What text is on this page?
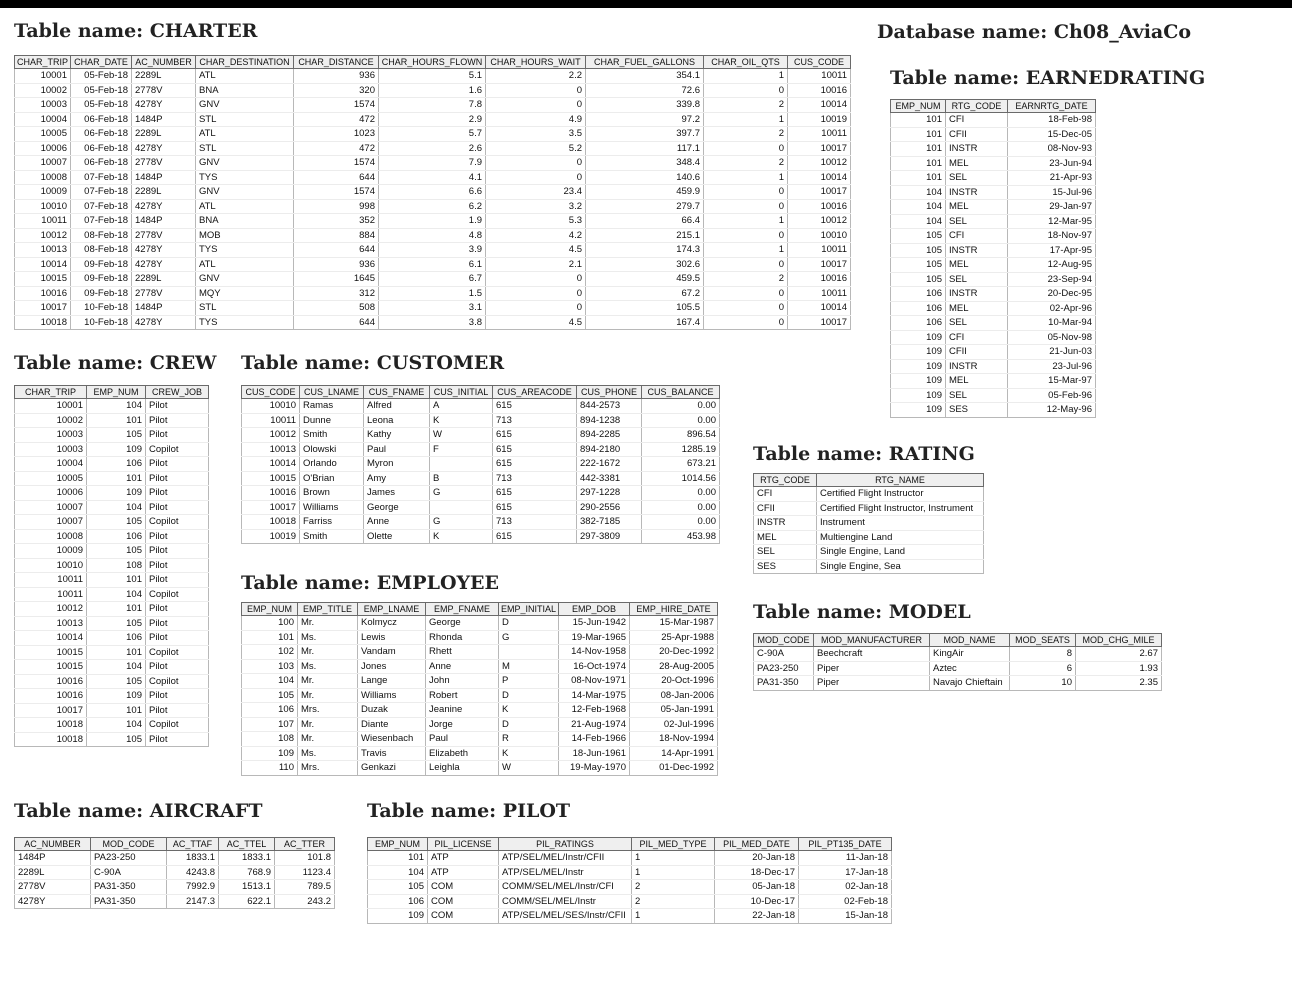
Database name: Ch08_AviaCo
Table name: CHARTER
CHAR_TRIP	CHAR_DATE	AC_NUMBER	CHAR_DESTINATION	CHAR_DISTANCE	CHAR_HOURS_FLOWN	CHAR_HOURS_WAIT	CHAR_FUEL_GALLONS	CHAR_OIL_QTS	CUS_CODE
10001	05-Feb-18	2289L	ATL	936	5.1	2.2	354.1	1	10011
10002	05-Feb-18	2778V	BNA	320	1.6	0	72.6	0	10016
10003	05-Feb-18	4278Y	GNV	1574	7.8	0	339.8	2	10014
10004	06-Feb-18	1484P	STL	472	2.9	4.9	97.2	1	10019
10005	06-Feb-18	2289L	ATL	1023	5.7	3.5	397.7	2	10011
10006	06-Feb-18	4278Y	STL	472	2.6	5.2	117.1	0	10017
10007	06-Feb-18	2778V	GNV	1574	7.9	0	348.4	2	10012
10008	07-Feb-18	1484P	TYS	644	4.1	0	140.6	1	10014
10009	07-Feb-18	2289L	GNV	1574	6.6	23.4	459.9	0	10017
10010	07-Feb-18	4278Y	ATL	998	6.2	3.2	279.7	0	10016
10011	07-Feb-18	1484P	BNA	352	1.9	5.3	66.4	1	10012
10012	08-Feb-18	2778V	MOB	884	4.8	4.2	215.1	0	10010
10013	08-Feb-18	4278Y	TYS	644	3.9	4.5	174.3	1	10011
10014	09-Feb-18	4278Y	ATL	936	6.1	2.1	302.6	0	10017
10015	09-Feb-18	2289L	GNV	1645	6.7	0	459.5	2	10016
10016	09-Feb-18	2778V	MQY	312	1.5	0	67.2	0	10011
10017	10-Feb-18	1484P	STL	508	3.1	0	105.5	0	10014
10018	10-Feb-18	4278Y	TYS	644	3.8	4.5	167.4	0	10017
Table name: EARNEDRATING
EMP_NUM	RTG_CODE	EARNRTG_DATE
101	CFI	18-Feb-98
101	CFII	15-Dec-05
101	INSTR	08-Nov-93
101	MEL	23-Jun-94
101	SEL	21-Apr-93
104	INSTR	15-Jul-96
104	MEL	29-Jan-97
104	SEL	12-Mar-95
105	CFI	18-Nov-97
105	INSTR	17-Apr-95
105	MEL	12-Aug-95
105	SEL	23-Sep-94
106	INSTR	20-Dec-95
106	MEL	02-Apr-96
106	SEL	10-Mar-94
109	CFI	05-Nov-98
109	CFII	21-Jun-03
109	INSTR	23-Jul-96
109	MEL	15-Mar-97
109	SEL	05-Feb-96
109	SES	12-May-96
Table name: CREW
CHAR_TRIP	EMP_NUM	CREW_JOB
10001	104	Pilot
10002	101	Pilot
10003	105	Pilot
10003	109	Copilot
10004	106	Pilot
10005	101	Pilot
10006	109	Pilot
10007	104	Pilot
10007	105	Copilot
10008	106	Pilot
10009	105	Pilot
10010	108	Pilot
10011	101	Pilot
10011	104	Copilot
10012	101	Pilot
10013	105	Pilot
10014	106	Pilot
10015	101	Copilot
10015	104	Pilot
10016	105	Copilot
10016	109	Pilot
10017	101	Pilot
10018	104	Copilot
10018	105	Pilot
Table name: CUSTOMER
CUS_CODE	CUS_LNAME	CUS_FNAME	CUS_INITIAL	CUS_AREACODE	CUS_PHONE	CUS_BALANCE
10010	Ramas	Alfred	A	615	844-2573	0.00
10011	Dunne	Leona	K	713	894-1238	0.00
10012	Smith	Kathy	W	615	894-2285	896.54
10013	Olowski	Paul	F	615	894-2180	1285.19
10014	Orlando	Myron		615	222-1672	673.21
10015	O'Brian	Amy	B	713	442-3381	1014.56
10016	Brown	James	G	615	297-1228	0.00
10017	Williams	George		615	290-2556	0.00
10018	Farriss	Anne	G	713	382-7185	0.00
10019	Smith	Olette	K	615	297-3809	453.98
Table name: RATING
RTG_CODE	RTG_NAME
CFI	Certified Flight Instructor
CFII	Certified Flight Instructor, Instrument
INSTR	Instrument
MEL	Multiengine Land
SEL	Single Engine, Land
SES	Single Engine, Sea
Table name: EMPLOYEE
EMP_NUM	EMP_TITLE	EMP_LNAME	EMP_FNAME	EMP_INITIAL	EMP_DOB	EMP_HIRE_DATE
100	Mr.	Kolmycz	George	D	15-Jun-1942	15-Mar-1987
101	Ms.	Lewis	Rhonda	G	19-Mar-1965	25-Apr-1988
102	Mr.	Vandam	Rhett		14-Nov-1958	20-Dec-1992
103	Ms.	Jones	Anne	M	16-Oct-1974	28-Aug-2005
104	Mr.	Lange	John	P	08-Nov-1971	20-Oct-1996
105	Mr.	Williams	Robert	D	14-Mar-1975	08-Jan-2006
106	Mrs.	Duzak	Jeanine	K	12-Feb-1968	05-Jan-1991
107	Mr.	Diante	Jorge	D	21-Aug-1974	02-Jul-1996
108	Mr.	Wiesenbach	Paul	R	14-Feb-1966	18-Nov-1994
109	Ms.	Travis	Elizabeth	K	18-Jun-1961	14-Apr-1991
110	Mrs.	Genkazi	Leighla	W	19-May-1970	01-Dec-1992
Table name: MODEL
MOD_CODE	MOD_MANUFACTURER	MOD_NAME	MOD_SEATS	MOD_CHG_MILE
C-90A	Beechcraft	KingAir	8	2.67
PA23-250	Piper	Aztec	6	1.93
PA31-350	Piper	Navajo Chieftain	10	2.35
Table name: AIRCRAFT
AC_NUMBER	MOD_CODE	AC_TTAF	AC_TTEL	AC_TTER
1484P	PA23-250	1833.1	1833.1	101.8
2289L	C-90A	4243.8	768.9	1123.4
2778V	PA31-350	7992.9	1513.1	789.5
4278Y	PA31-350	2147.3	622.1	243.2
Table name: PILOT
EMP_NUM	PIL_LICENSE	PIL_RATINGS	PIL_MED_TYPE	PIL_MED_DATE	PIL_PT135_DATE
101	ATP	ATP/SEL/MEL/Instr/CFII	1	20-Jan-18	11-Jan-18
104	ATP	ATP/SEL/MEL/Instr	1	18-Dec-17	17-Jan-18
105	COM	COMM/SEL/MEL/Instr/CFI	2	05-Jan-18	02-Jan-18
106	COM	COMM/SEL/MEL/Instr	2	10-Dec-17	02-Feb-18
109	COM	ATP/SEL/MEL/SES/Instr/CFII	1	22-Jan-18	15-Jan-18
